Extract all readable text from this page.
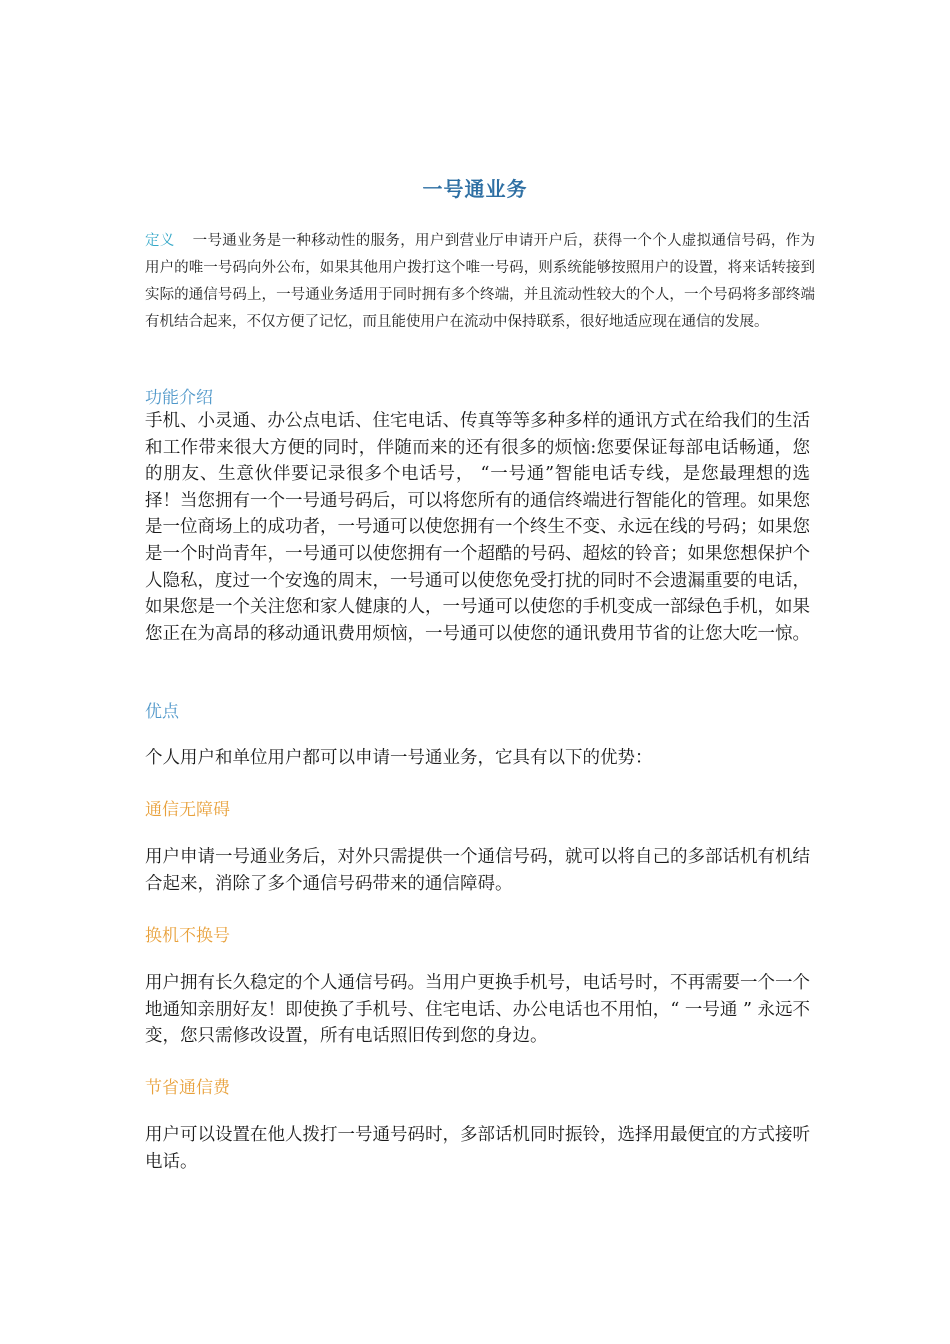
一号通业务
定义 一号通业务是一种移动性的服务，用户到营业厅申请开户后，获得一个个人虚拟通信号码，作为用户的唯一号码向外公布，如果其他用户拨打这个唯一号码，则系统能够按照用户的设置，将来话转接到实际的通信号码上，一号通业务适用于同时拥有多个终端，并且流动性较大的个人，一个号码将多部终端有机结合起来，不仅方便了记忆，而且能使用户在流动中保持联系，很好地适应现在通信的发展。
功能介绍
手机、小灵通、办公点电话、住宅电话、传真等等多种多样的通讯方式在给我们的生活和工作带来很大方便的同时，伴随而来的还有很多的烦恼:您要保证每部电话畅通，您的朋友、生意伙伴要记录很多个电话号， “一号通”智能电话专线，是您最理想的选择！当您拥有一个一号通号码后，可以将您所有的通信终端进行智能化的管理。如果您是一位商场上的成功者，一号通可以使您拥有一个终生不变、永远在线的号码；如果您是一个时尚青年，一号通可以使您拥有一个超酷的号码、超炫的铃音；如果您想保护个人隐私，度过一个安逸的周末，一号通可以使您免受打扰的同时不会遗漏重要的电话，如果您是一个关注您和家人健康的人，一号通可以使您的手机变成一部绿色手机，如果您正在为高昂的移动通讯费用烦恼，一号通可以使您的通讯费用节省的让您大吃一惊。
优点
个人用户和单位用户都可以申请一号通业务，它具有以下的优势：
通信无障碍
用户申请一号通业务后，对外只需提供一个通信号码，就可以将自己的多部话机有机结合起来，消除了多个通信号码带来的通信障碍。
换机不换号
用户拥有长久稳定的个人通信号码。当用户更换手机号，电话号时，不再需要一个一个地通知亲朋好友！即使换了手机号、住宅电话、办公电话也不用怕，“ 一号通 ” 永远不变，您只需修改设置，所有电话照旧传到您的身边。
节省通信费
用户可以设置在他人拨打一号通号码时，多部话机同时振铃，选择用最便宜的方式接听电话。
